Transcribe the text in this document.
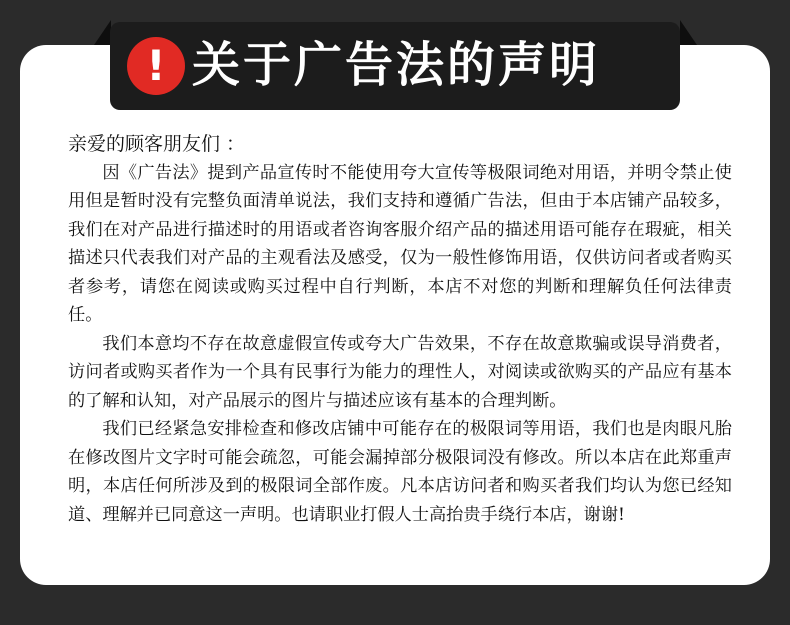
! 关于广告法的声明

亲爱的顾客朋友们 ：

因《广告法》提到产品宣传时不能使用夸大宣传等极限词绝对用语，并明令禁止使用但是暂时没有完整负面清单说法，我们支持和遵循广告法，但由于本店铺产品较多，我们在对产品进行描述时的用语或者咨询客服介绍产品的描述用语可能存在瑕疵，相关描述只代表我们对产品的主观看法及感受，仅为一般性修饰用语，仅供访问者或者购买者参考，请您在阅读或购买过程中自行判断，本店不对您的判断和理解负任何法律责任。

我们本意均不存在故意虚假宣传或夸大广告效果，不存在故意欺骗或误导消费者，访问者或购买者作为一个具有民事行为能力的理性人，对阅读或欲购买的产品应有基本的了解和认知，对产品展示的图片与描述应该有基本的合理判断。

我们已经紧急安排检查和修改店铺中可能存在的极限词等用语，我们也是肉眼凡胎在修改图片文字时可能会疏忽，可能会漏掉部分极限词没有修改。所以本店在此郑重声明，本店任何所涉及到的极限词全部作废。凡本店访问者和购买者我们均认为您已经知道、理解并已同意这一声明。也请职业打假人士高抬贵手绕行本店，谢谢!
